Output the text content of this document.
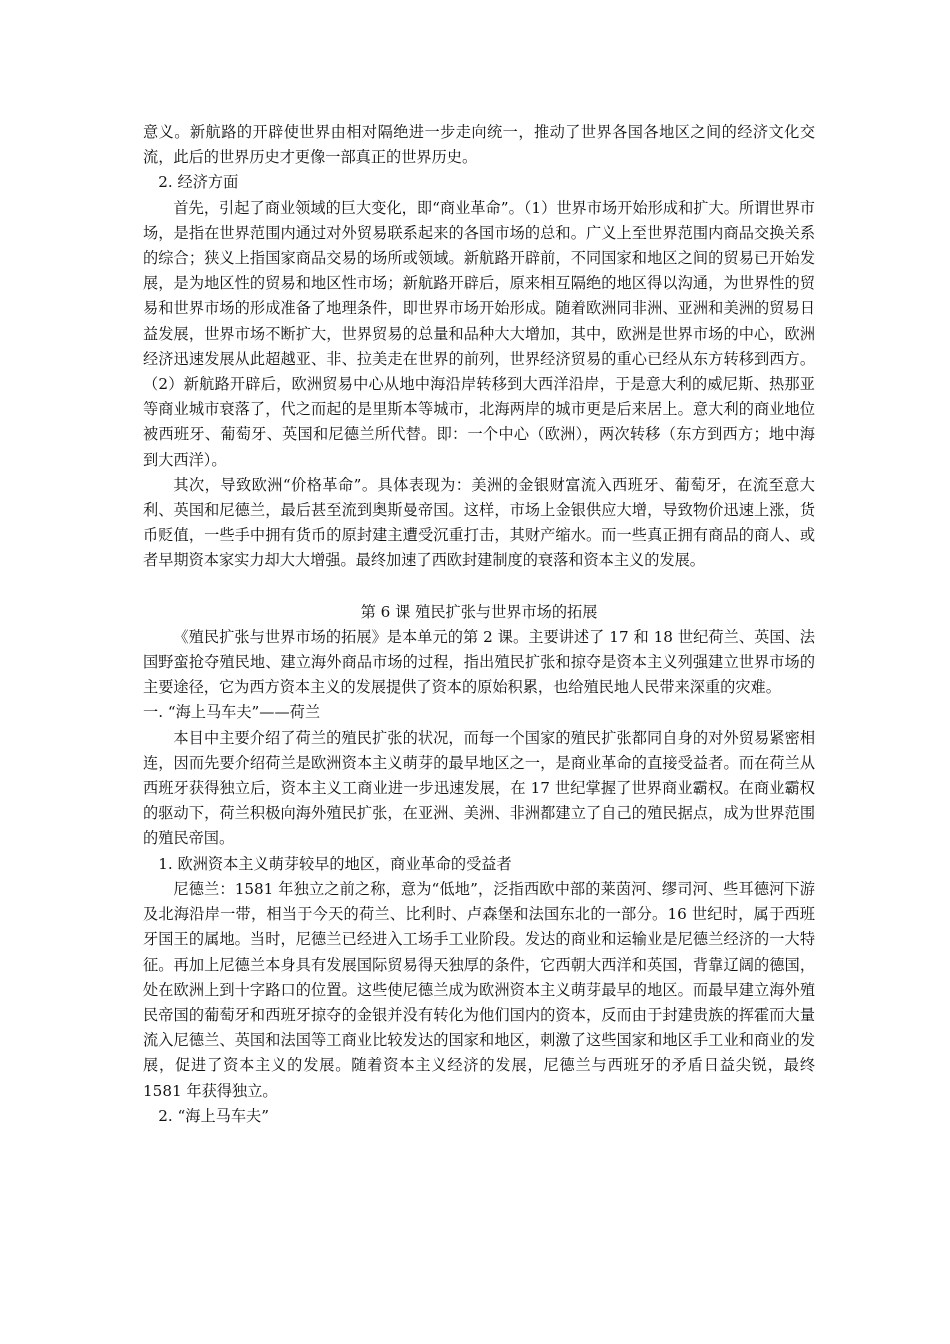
意义。新航路的开辟使世界由相对隔绝进一步走向统一，推动了世界各国各地区之间的经济文化交流，此后的世界历史才更像一部真正的世界历史。

2. 经济方面

首先，引起了商业领域的巨大变化，即“商业革命”。（1）世界市场开始形成和扩大。所谓世界市场，是指在世界范围内通过对外贸易联系起来的各国市场的总和。广义上至世界范围内商品交换关系的综合；狭义上指国家商品交易的场所或领域。新航路开辟前，不同国家和地区之间的贸易已开始发展，是为地区性的贸易和地区性市场；新航路开辟后，原来相互隔绝的地区得以沟通，为世界性的贸易和世界市场的形成准备了地理条件，即世界市场开始形成。随着欧洲同非洲、亚洲和美洲的贸易日益发展，世界市场不断扩大，世界贸易的总量和品种大大增加，其中，欧洲是世界市场的中心，欧洲经济迅速发展从此超越亚、非、拉美走在世界的前列，世界经济贸易的重心已经从东方转移到西方。（2）新航路开辟后，欧洲贸易中心从地中海沿岸转移到大西洋沿岸，于是意大利的威尼斯、热那亚等商业城市衰落了，代之而起的是里斯本等城市，北海两岸的城市更是后来居上。意大利的商业地位被西班牙、葡萄牙、英国和尼德兰所代替。即：一个中心（欧洲），两次转移（东方到西方；地中海到大西洋）。

其次，导致欧洲“价格革命”。具体表现为：美洲的金银财富流入西班牙、葡萄牙，在流至意大利、英国和尼德兰，最后甚至流到奥斯曼帝国。这样，市场上金银供应大增，导致物价迅速上涨，货币贬值，一些手中拥有货币的原封建主遭受沉重打击，其财产缩水。而一些真正拥有商品的商人、或者早期资本家实力却大大增强。最终加速了西欧封建制度的衰落和资本主义的发展。

第 6 课 殖民扩张与世界市场的拓展

《殖民扩张与世界市场的拓展》是本单元的第 2 课。主要讲述了 17 和 18 世纪荷兰、英国、法国野蛮抢夺殖民地、建立海外商品市场的过程，指出殖民扩张和掠夺是资本主义列强建立世界市场的主要途径，它为西方资本主义的发展提供了资本的原始积累，也给殖民地人民带来深重的灾难。

一. “海上马车夫”——荷兰

本目中主要介绍了荷兰的殖民扩张的状况，而每一个国家的殖民扩张都同自身的对外贸易紧密相连，因而先要介绍荷兰是欧洲资本主义萌芽的最早地区之一，是商业革命的直接受益者。而在荷兰从西班牙获得独立后，资本主义工商业进一步迅速发展，在 17 世纪掌握了世界商业霸权。在商业霸权的驱动下，荷兰积极向海外殖民扩张，在亚洲、美洲、非洲都建立了自己的殖民据点，成为世界范围的殖民帝国。

1. 欧洲资本主义萌芽较早的地区，商业革命的受益者

尼德兰：1581 年独立之前之称，意为“低地”，泛指西欧中部的莱茵河、缪司河、些耳德河下游及北海沿岸一带，相当于今天的荷兰、比利时、卢森堡和法国东北的一部分。16 世纪时，属于西班牙国王的属地。当时，尼德兰已经进入工场手工业阶段。发达的商业和运输业是尼德兰经济的一大特征。再加上尼德兰本身具有发展国际贸易得天独厚的条件，它西朝大西洋和英国，背靠辽阔的德国，处在欧洲上到十字路口的位置。这些使尼德兰成为欧洲资本主义萌芽最早的地区。而最早建立海外殖民帝国的葡萄牙和西班牙掠夺的金银并没有转化为他们国内的资本，反而由于封建贵族的挥霍而大量流入尼德兰、英国和法国等工商业比较发达的国家和地区，刺激了这些国家和地区手工业和商业的发展，促进了资本主义的发展。随着资本主义经济的发展，尼德兰与西班牙的矛盾日益尖锐，最终 1581 年获得独立。

2. “海上马车夫”
